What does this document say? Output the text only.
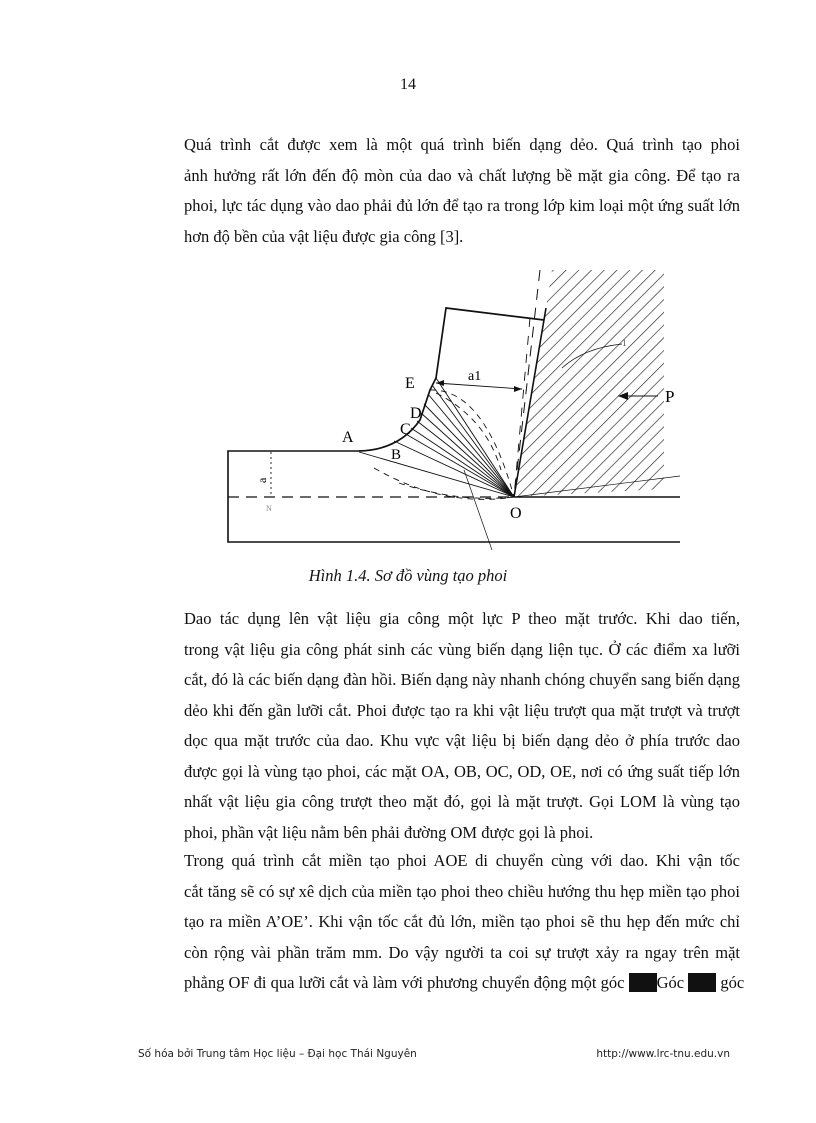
14
Quá trình cắt được xem là một quá trình biến dạng dẻo. Quá trình tạo phoi
ảnh hưởng rất lớn đến độ mòn của dao và chất lượng bề mặt gia công. Để tạo ra
phoi, lực tác dụng vào dao phải đủ lớn để tạo ra trong lớp kim loại một ứng suất lớn
hơn độ bền của vật liệu được gia công [3].
a
N
A
B
C
D
E
O
P
a1
1
Hình 1.4. Sơ đồ vùng tạo phoi
Dao tác dụng lên vật liệu gia công một lực P theo mặt trước. Khi dao tiến,
trong vật liệu gia công phát sinh các vùng biến dạng liện tục. Ở các điểm xa lưỡi
cắt, đó là các biến dạng đàn hồi. Biến dạng này nhanh chóng chuyển sang biến dạng
dẻo khi đến gần lưỡi cắt. Phoi được tạo ra khi vật liệu trượt qua mặt trượt và trượt
dọc qua mặt trước của dao. Khu vực vật liệu bị biến dạng dẻo ở phía trước dao
được gọi là vùng tạo phoi, các mặt OA, OB, OC, OD, OE, nơi có ứng suất tiếp lớn
nhất vật liệu gia công trượt theo mặt đó, gọi là mặt trượt. Gọi LOM là vùng tạo
phoi, phần vật liệu nằm bên phải đường OM được gọi là phoi.
Trong quá trình cắt miền tạo phoi AOE di chuyển cùng với dao. Khi vận tốc
cắt tăng sẽ có sự xê dịch của miền tạo phoi theo chiều hướng thu hẹp miền tạo phoi
tạo ra miền A’OE’. Khi vận tốc cắt đủ lớn, miền tạo phoi sẽ thu hẹp đến mức chỉ
còn rộng vài phần trăm mm. Do vậy người ta coi sự trượt xảy ra ngay trên mặt
phẳng OF đi qua lưỡi cắt và làm với phương chuyển động một góc Góc  góc
Số hóa bởi Trung tâm Học liệu – Đại học Thái Nguyên	http://www.lrc-tnu.edu.vn
